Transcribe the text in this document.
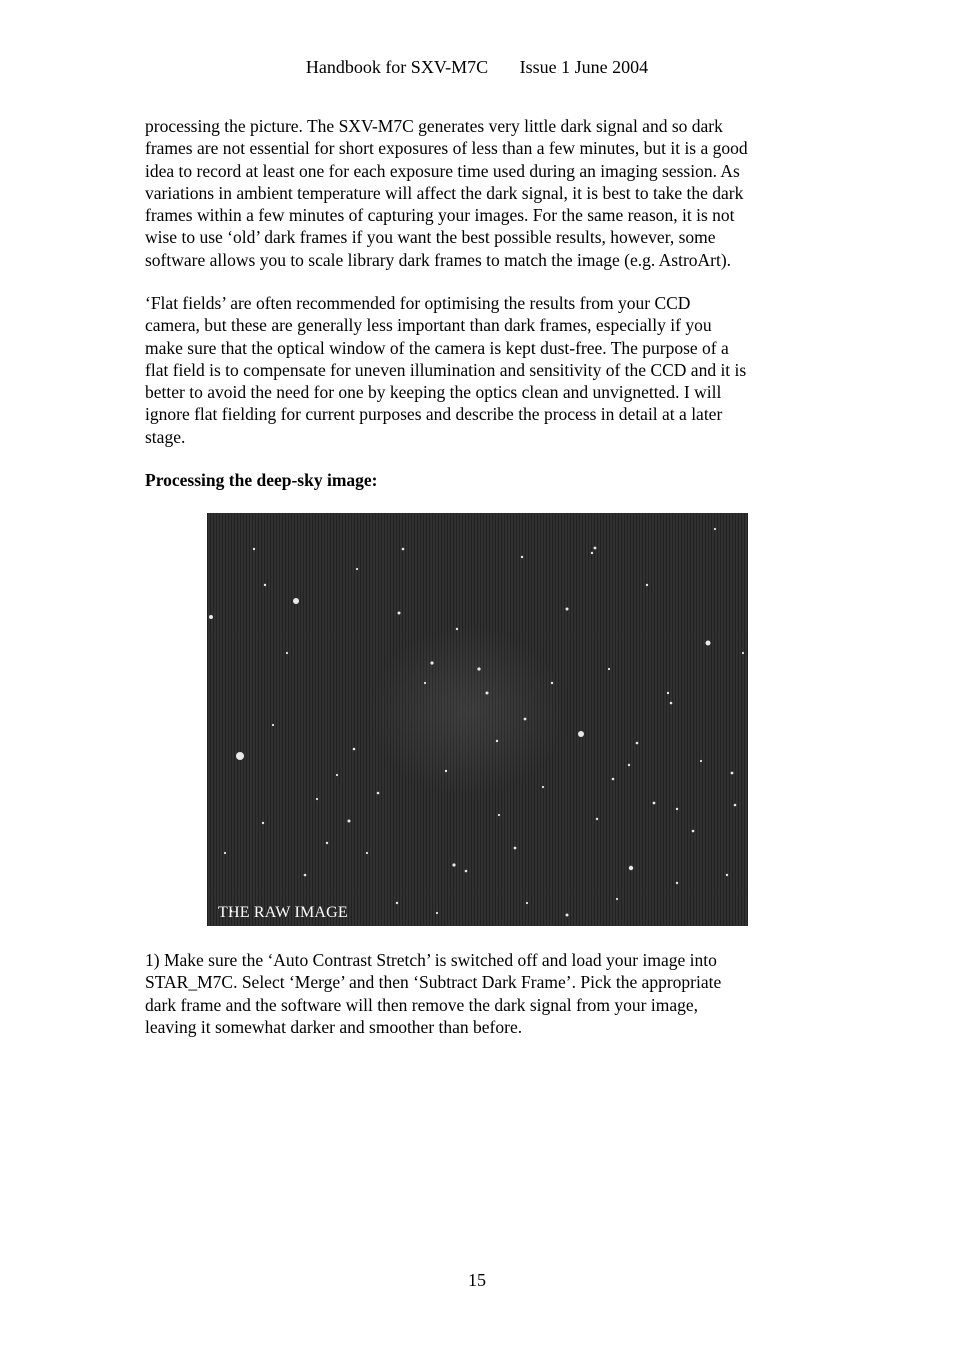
Handbook for SXV-M7C Issue 1 June 2004
processing the picture. The SXV-M7C generates very little dark signal and so dark
frames are not essential for short exposures of less than a few minutes, but it is a good
idea to record at least one for each exposure time used during an imaging session. As
variations in ambient temperature will affect the dark signal, it is best to take the dark
frames within a few minutes of capturing your images. For the same reason, it is not
wise to use ‘old’ dark frames if you want the best possible results, however, some
software allows you to scale library dark frames to match the image (e.g. AstroArt).
‘Flat fields’ are often recommended for optimising the results from your CCD
camera, but these are generally less important than dark frames, especially if you
make sure that the optical window of the camera is kept dust-free. The purpose of a
flat field is to compensate for uneven illumination and sensitivity of the CCD and it is
better to avoid the need for one by keeping the optics clean and unvignetted. I will
ignore flat fielding for current purposes and describe the process in detail at a later
stage.
Processing the deep-sky image:
THE RAW IMAGE
1) Make sure the ‘Auto Contrast Stretch’ is switched off and load your image into
STAR_M7C. Select ‘Merge’ and then ‘Subtract Dark Frame’. Pick the appropriate
dark frame and the software will then remove the dark signal from your image,
leaving it somewhat darker and smoother than before.
15
